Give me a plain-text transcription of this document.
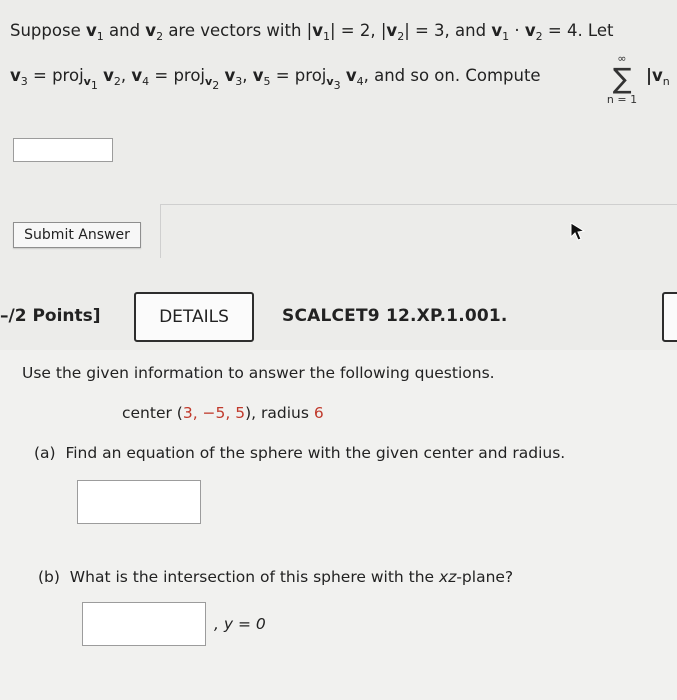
Suppose $v_1$ and $v_2$ are vectors with $|v_1| = 2$, $|v_2| = 3$, and $v_1 \cdot v_2 = 4$. Let
$v_3$ = proj$_{v_1}$ $v_2$, $v_4$ = proj$_{v_2}$ $v_3$, $v_5$ = proj$_{v_3}$ $v_4$, and so on. Compute
∞
∑
n = 1
$|v_n$
Submit Answer
–/2 Points]	DETAILS	SCALCET9 12.XP.1.001.
Use the given information to answer the following questions.
center (3, −5, 5), radius 6
(a) Find an equation of the sphere with the given center and radius.
(b) What is the intersection of this sphere with the xz-plane?
, y = 0
